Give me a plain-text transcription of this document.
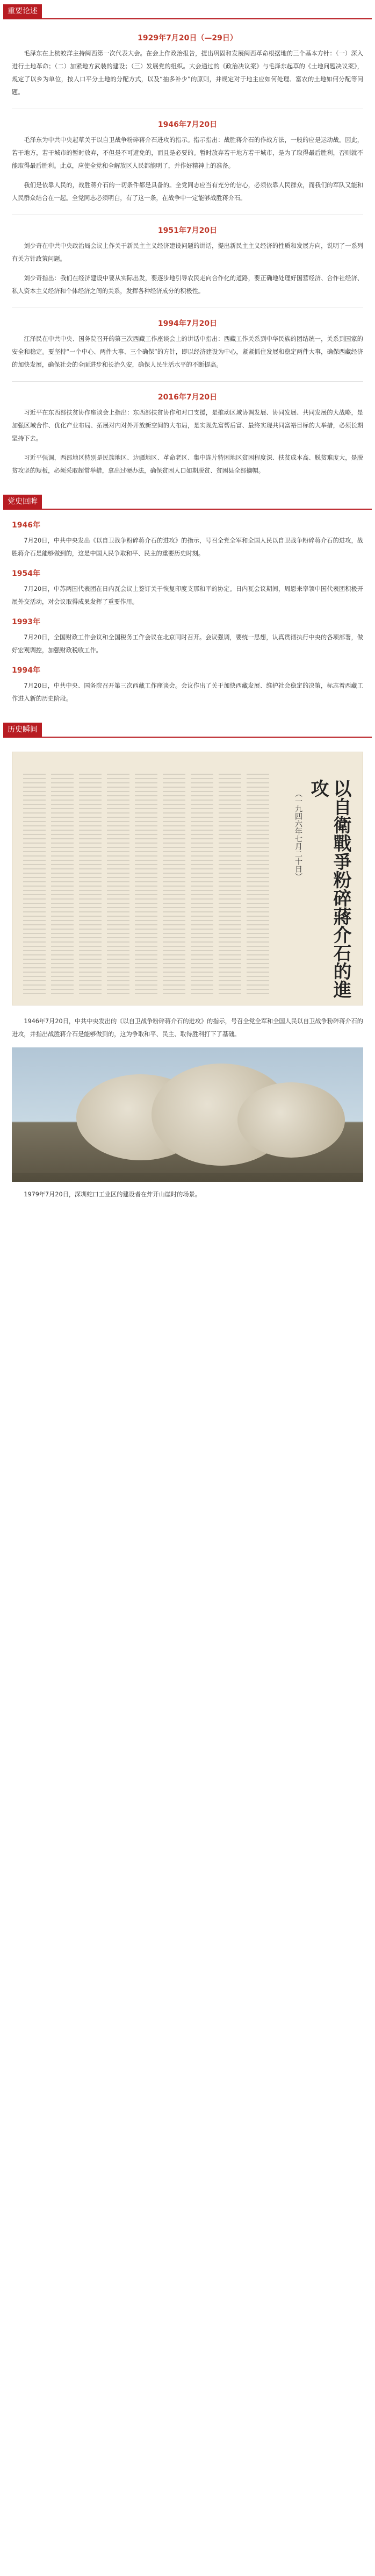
重要论述
1929年7月20日（—29日）

毛泽东在上杭蛟洋主持闽西第一次代表大会。在会上作政治报告，提出巩固和发展闽西革命根据地的三个基本方针：（一）深入进行土地革命；（二）加紧地方武装的建设；（三）发展党的组织。大会通过的《政治决议案》与毛泽东起草的《土地问题决议案》，规定了以乡为单位，按人口平分土地的分配方式，以及“抽多补少”的原则，并规定对于地主应如何处理、富农的土地如何分配等问题。

1946年7月20日

毛泽东为中共中央起草关于以自卫战争粉碎蒋介石进攻的指示。指示指出：战胜蒋介石的作战方法，一般的应是运动战。因此，若干地方，若干城市的暂时放弃，不但是不可避免的，而且是必要的。暂时放弃若干地方若干城市，是为了取得最后胜利，否则就不能取得最后胜利。此点，应使全党和全解放区人民都能明了，并作好精神上的准备。

我们是依靠人民的，战胜蒋介石的一切条件都是具备的。全党同志应当有充分的信心，必须依靠人民群众，而我们的军队又能和人民群众结合在一起。全党同志必须明白，有了这一条，在战争中一定能够战胜蒋介石。

1951年7月20日

刘少奇在中共中央政治局会议上作关于新民主主义经济建设问题的讲话，提出新民主主义经济的性质和发展方向，说明了一系列有关方针政策问题。

刘少奇指出：我们在经济建设中要从实际出发，要逐步地引导农民走向合作化的道路，要正确地处理好国营经济、合作社经济、私人资本主义经济和个体经济之间的关系，发挥各种经济成分的积极性。

1994年7月20日

江泽民在中共中央、国务院召开的第三次西藏工作座谈会上的讲话中指出：西藏工作关系到中华民族的团结统一，关系到国家的安全和稳定。要坚持“一个中心、两件大事、三个确保”的方针，即以经济建设为中心，紧紧抓住发展和稳定两件大事，确保西藏经济的加快发展，确保社会的全面进步和长治久安，确保人民生活水平的不断提高。

2016年7月20日

习近平在东西部扶贫协作座谈会上指出：东西部扶贫协作和对口支援，是推动区域协调发展、协同发展、共同发展的大战略，是加强区域合作、优化产业布局、拓展对内对外开放新空间的大布局，是实现先富帮后富、最终实现共同富裕目标的大举措，必须长期坚持下去。

习近平强调，西部地区特别是民族地区、边疆地区、革命老区、集中连片特困地区贫困程度深、扶贫成本高、脱贫难度大，是脱贫攻坚的短板，必须采取超常举措，拿出过硬办法，确保贫困人口如期脱贫、贫困县全部摘帽。

党史回眸
1946年

7月20日，中共中央发出《以自卫战争粉碎蒋介石的进攻》的指示，号召全党全军和全国人民以自卫战争粉碎蒋介石的进攻，战胜蒋介石是能够做到的，这是中国人民争取和平、民主的重要历史时刻。

1954年

7月20日，中苏两国代表团在日内瓦会议上签订关于恢复印度支那和平的协定。日内瓦会议期间，周恩来率领中国代表团积极开展外交活动，对会议取得成果发挥了重要作用。

1993年

7月20日，全国财政工作会议和全国税务工作会议在北京同时召开。会议强调，要统一思想，认真贯彻执行中央的各项部署，做好宏观调控，加强财政税收工作。

1994年

7月20日，中共中央、国务院召开第三次西藏工作座谈会。会议作出了关于加快西藏发展、维护社会稳定的决策，标志着西藏工作进入新的历史阶段。

历史瞬间
（一九四六年七月二十日）	以自衛戰爭粉碎蔣介石的進攻

1946年7月20日，中共中央发出的《以自卫战争粉碎蒋介石的进攻》的指示，号召全党全军和全国人民以自卫战争粉碎蒋介石的进攻，并指出战胜蒋介石是能够做到的，这为争取和平、民主、取得胜利打下了基础。

1979年7月20日，深圳蛇口工业区的建设者在炸开山崖时的场景。
